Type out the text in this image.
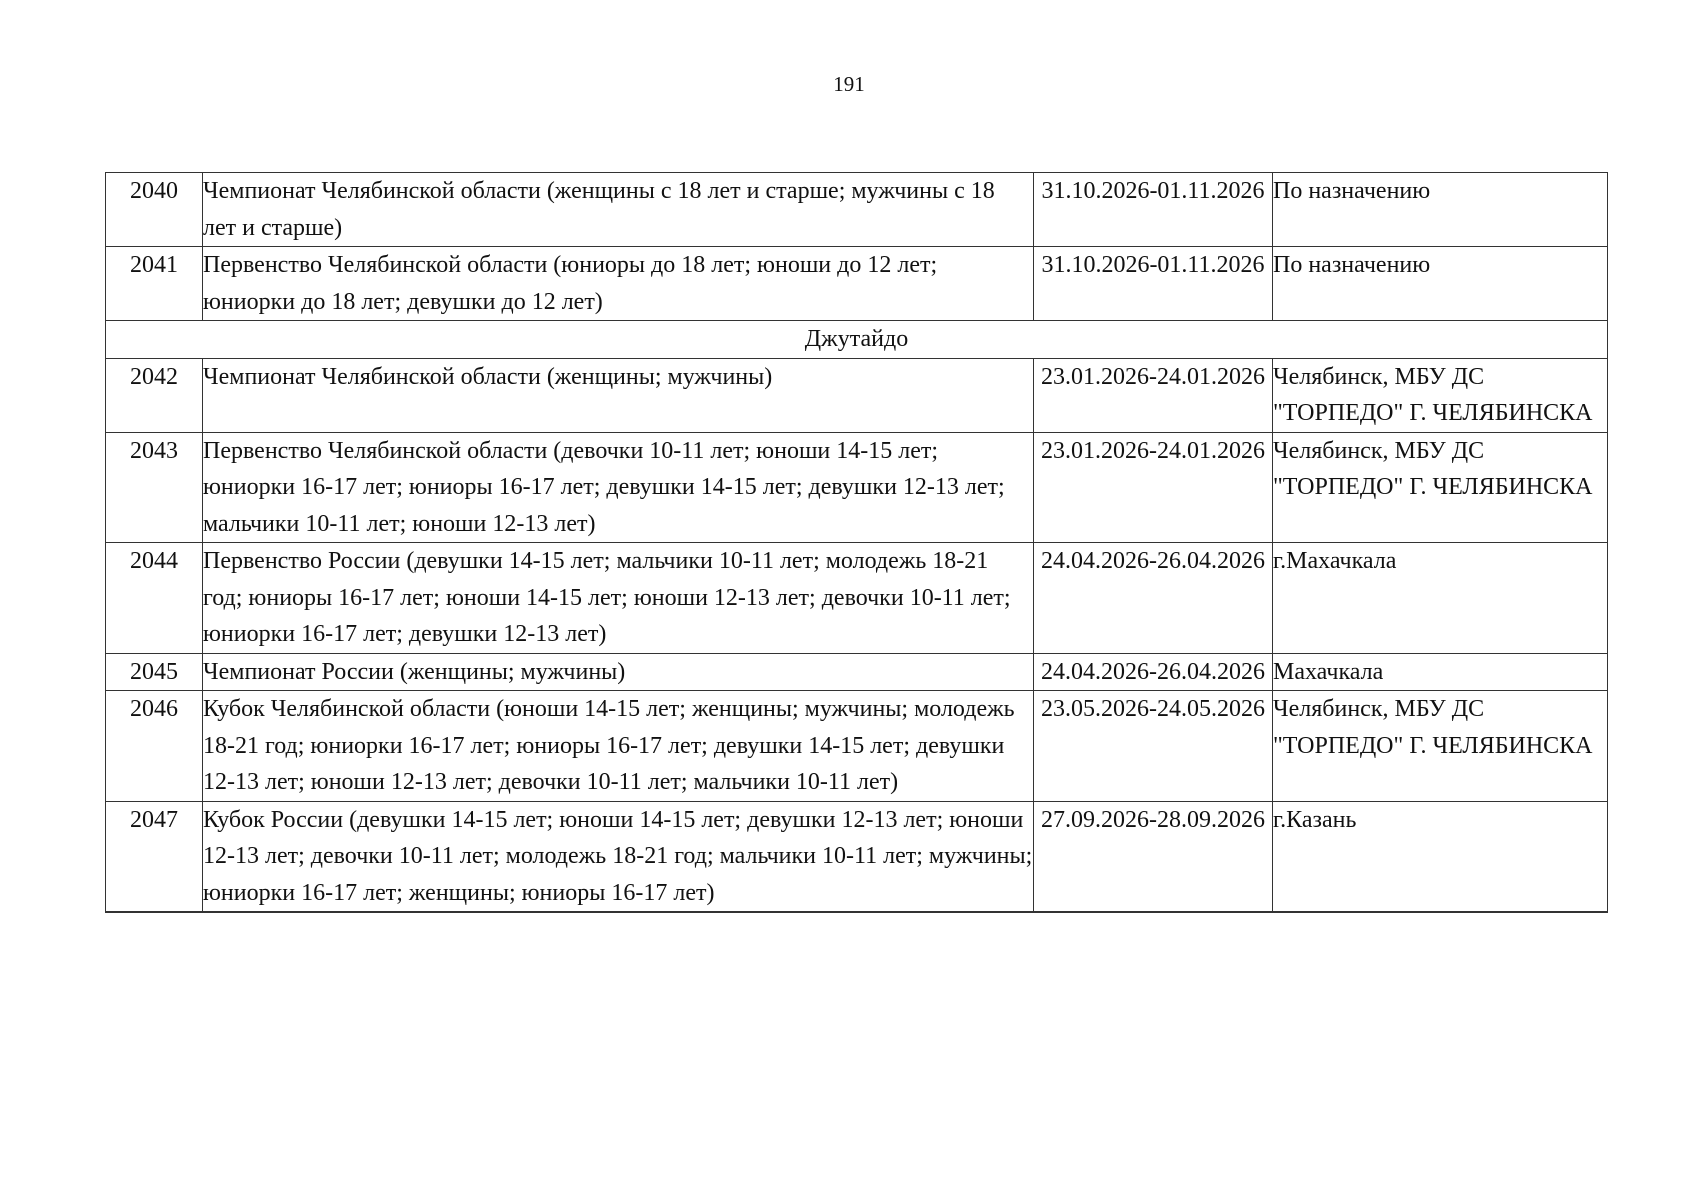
191
2040	Чемпионат Челябинской области (женщины с 18 лет и старше; мужчины с 18 лет и старше)	31.10.2026-01.11.2026	По назначению
2041	Первенство Челябинской области (юниоры до 18 лет; юноши до 12 лет; юниорки до 18 лет; девушки до 12 лет)	31.10.2026-01.11.2026	По назначению
Джутайдо			
2042	Чемпионат Челябинской области (женщины; мужчины)	23.01.2026-24.01.2026	Челябинск, МБУ ДС "ТОРПЕДО" Г. ЧЕЛЯБИНСКА
2043	Первенство Челябинской области (девочки 10-11 лет; юноши 14-15 лет; юниорки 16-17 лет; юниоры 16-17 лет; девушки 14-15 лет; девушки 12-13 лет; мальчики 10-11 лет; юноши 12-13 лет)	23.01.2026-24.01.2026	Челябинск, МБУ ДС "ТОРПЕДО" Г. ЧЕЛЯБИНСКА
2044	Первенство России (девушки 14-15 лет; мальчики 10-11 лет; молодежь 18-21 год; юниоры 16-17 лет; юноши 14-15 лет; юноши 12-13 лет; девочки 10-11 лет; юниорки 16-17 лет; девушки 12-13 лет)	24.04.2026-26.04.2026	г.Махачкала
2045	Чемпионат России (женщины; мужчины)	24.04.2026-26.04.2026	Махачкала
2046	Кубок Челябинской области (юноши 14-15 лет; женщины; мужчины; молодежь 18-21 год; юниорки 16-17 лет; юниоры 16-17 лет; девушки 14-15 лет; девушки 12-13 лет; юноши 12-13 лет; девочки 10-11 лет; мальчики 10-11 лет)	23.05.2026-24.05.2026	Челябинск, МБУ ДС "ТОРПЕДО" Г. ЧЕЛЯБИНСКА
2047	Кубок России (девушки 14-15 лет; юноши 14-15 лет; девушки 12-13 лет; юноши 12-13 лет; девочки 10-11 лет; молодежь 18-21 год; мальчики 10-11 лет; мужчины; юниорки 16-17 лет; женщины; юниоры 16-17 лет)	27.09.2026-28.09.2026	г.Казань
